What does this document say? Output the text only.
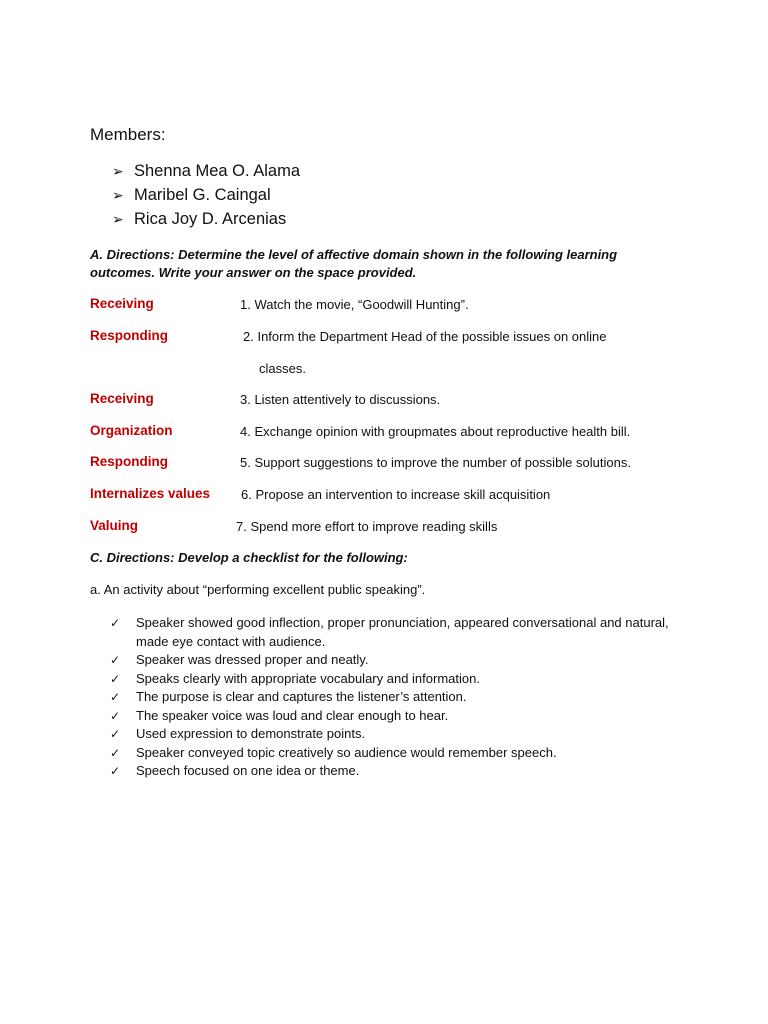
Members:
➢ Shenna Mea O. Alama
➢ Maribel G. Caingal
➢ Rica Joy D. Arcenias
A. Directions: Determine the level of affective domain shown in the following learning
outcomes. Write your answer on the space provided.
Receiving	1. Watch the movie, “Goodwill Hunting”.
Responding	2. Inform the Department Head of the possible issues on online
classes.
Receiving	3. Listen attentively to discussions.
Organization	4. Exchange opinion with groupmates about reproductive health bill.
Responding	5. Support suggestions to improve the number of possible solutions.
Internalizes values 6. Propose an intervention to increase skill acquisition
Valuing	7. Spend more effort to improve reading skills
C. Directions: Develop a checklist for the following:
a. An activity about “performing excellent public speaking”.
✓ Speaker showed good inflection, proper pronunciation, appeared conversational and natural, made eye contact with audience.
✓ Speaker was dressed proper and neatly.
✓ Speaks clearly with appropriate vocabulary and information.
✓ The purpose is clear and captures the listener’s attention.
✓ The speaker voice was loud and clear enough to hear.
✓ Used expression to demonstrate points.
✓ Speaker conveyed topic creatively so audience would remember speech.
✓ Speech focused on one idea or theme.
